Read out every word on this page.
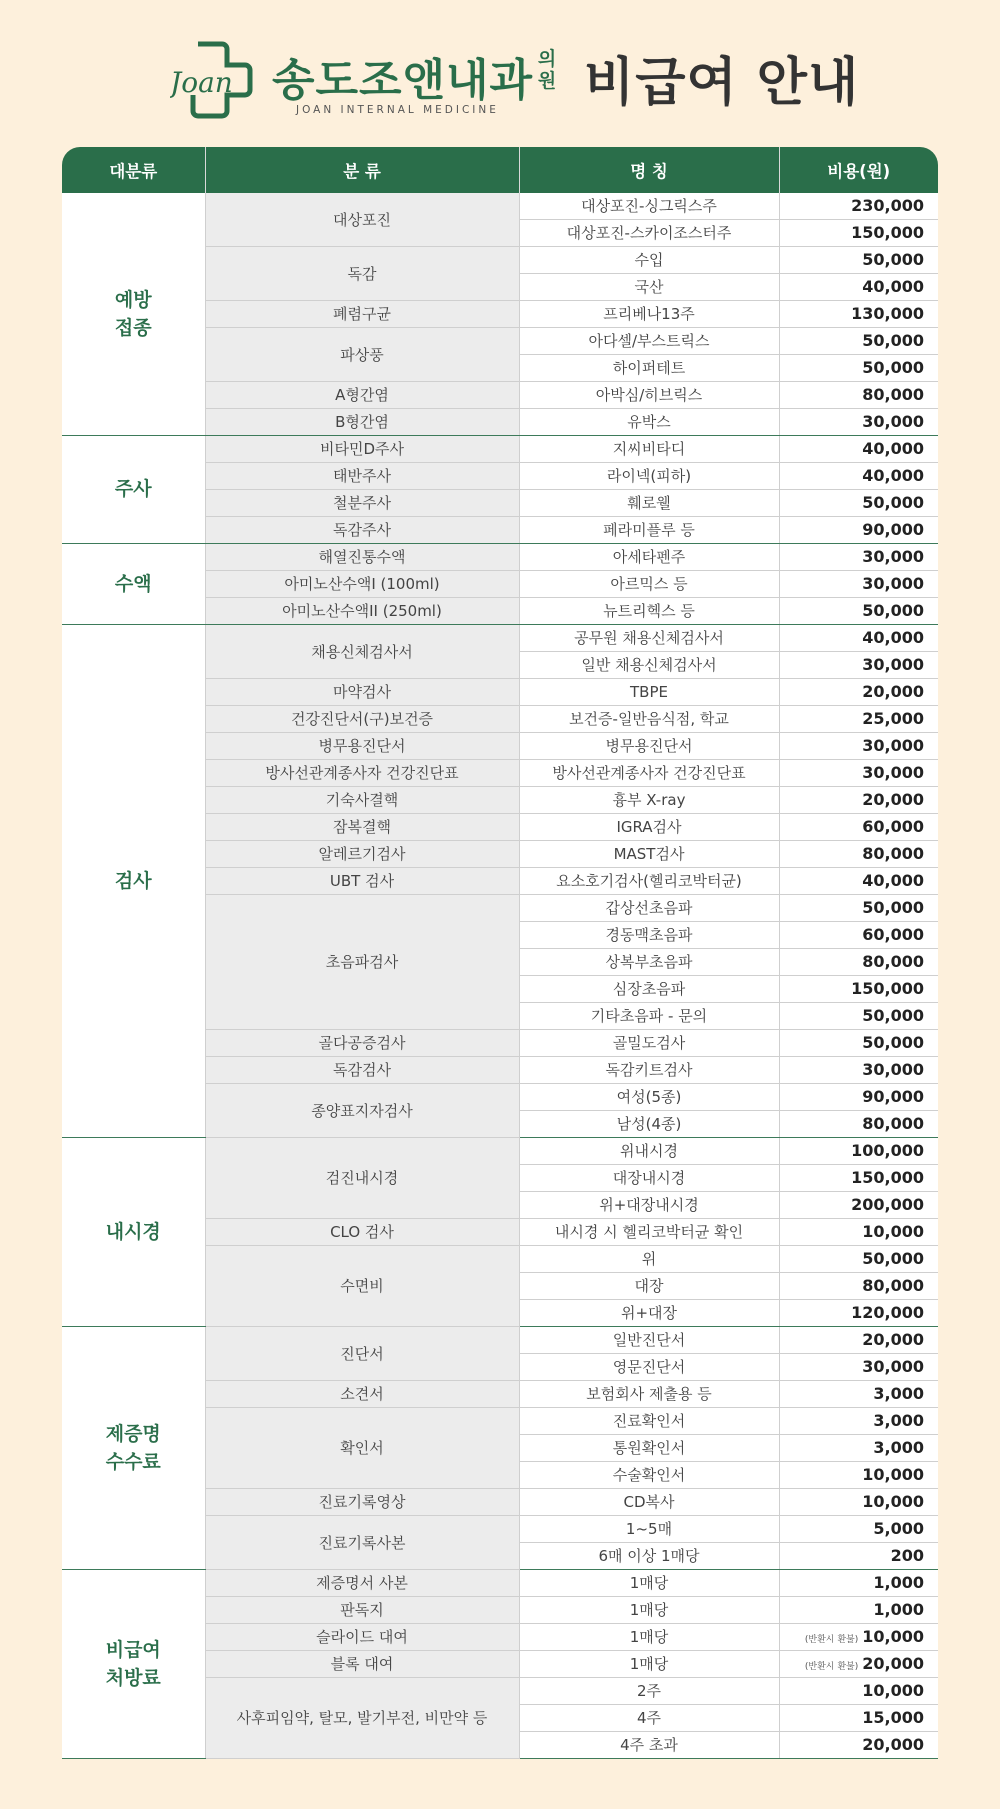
Joan 송도조앤내과 의원
JOAN INTERNAL MEDICINE 비급여 안내
대분류	분 류	명 칭	비용(원)
예방
접종	대상포진	대상포진-싱그릭스주	230,000
		대상포진-스카이조스터주	150,000
	독감	수입	50,000
		국산	40,000
	폐렴구균	프리베나13주	130,000
	파상풍	아다셀/부스트릭스	50,000
		하이퍼테트	50,000
	A형간염	아박심/히브릭스	80,000
	B형간염	유박스	30,000
주사	비타민D주사	지씨비타디	40,000
	태반주사	라이넥(피하)	40,000
	철분주사	훼로웰	50,000
	독감주사	페라미플루 등	90,000
수액	해열진통수액	아세타펜주	30,000
	아미노산수액I (100ml)	아르믹스 등	30,000
	아미노산수액II (250ml)	뉴트리헥스 등	50,000
검사	채용신체검사서	공무원 채용신체검사서	40,000
		일반 채용신체검사서	30,000
	마약검사	TBPE	20,000
	건강진단서(구)보건증	보건증-일반음식점, 학교	25,000
	병무용진단서	병무용진단서	30,000
	방사선관계종사자 건강진단표	방사선관계종사자 건강진단표	30,000
	기숙사결핵	흉부 X-ray	20,000
	잠복결핵	IGRA검사	60,000
	알레르기검사	MAST검사	80,000
	UBT 검사	요소호기검사(헬리코박터균)	40,000
	초음파검사	갑상선초음파	50,000
		경동맥초음파	60,000
		상복부초음파	80,000
		심장초음파	150,000
		기타초음파 - 문의	50,000
	골다공증검사	골밀도검사	50,000
	독감검사	독감키트검사	30,000
	종양표지자검사	여성(5종)	90,000
		남성(4종)	80,000
내시경	검진내시경	위내시경	100,000
		대장내시경	150,000
		위+대장내시경	200,000
	CLO 검사	내시경 시 헬리코박터균 확인	10,000
	수면비	위	50,000
		대장	80,000
		위+대장	120,000
제증명
수수료	진단서	일반진단서	20,000
		영문진단서	30,000
	소견서	보험회사 제출용 등	3,000
	확인서	진료확인서	3,000
		통원확인서	3,000
		수술확인서	10,000
	진료기록영상	CD복사	10,000
	진료기록사본	1~5매	5,000
		6매 이상 1매당	200
비급여
처방료	제증명서 사본	1매당	1,000
	판독지	1매당	1,000
	슬라이드 대여	1매당	(반환시 환불) 10,000
	블록 대여	1매당	(반환시 환불) 20,000
	사후피임약, 탈모, 발기부전, 비만약 등	2주	10,000
		4주	15,000
		4주 초과	20,000
